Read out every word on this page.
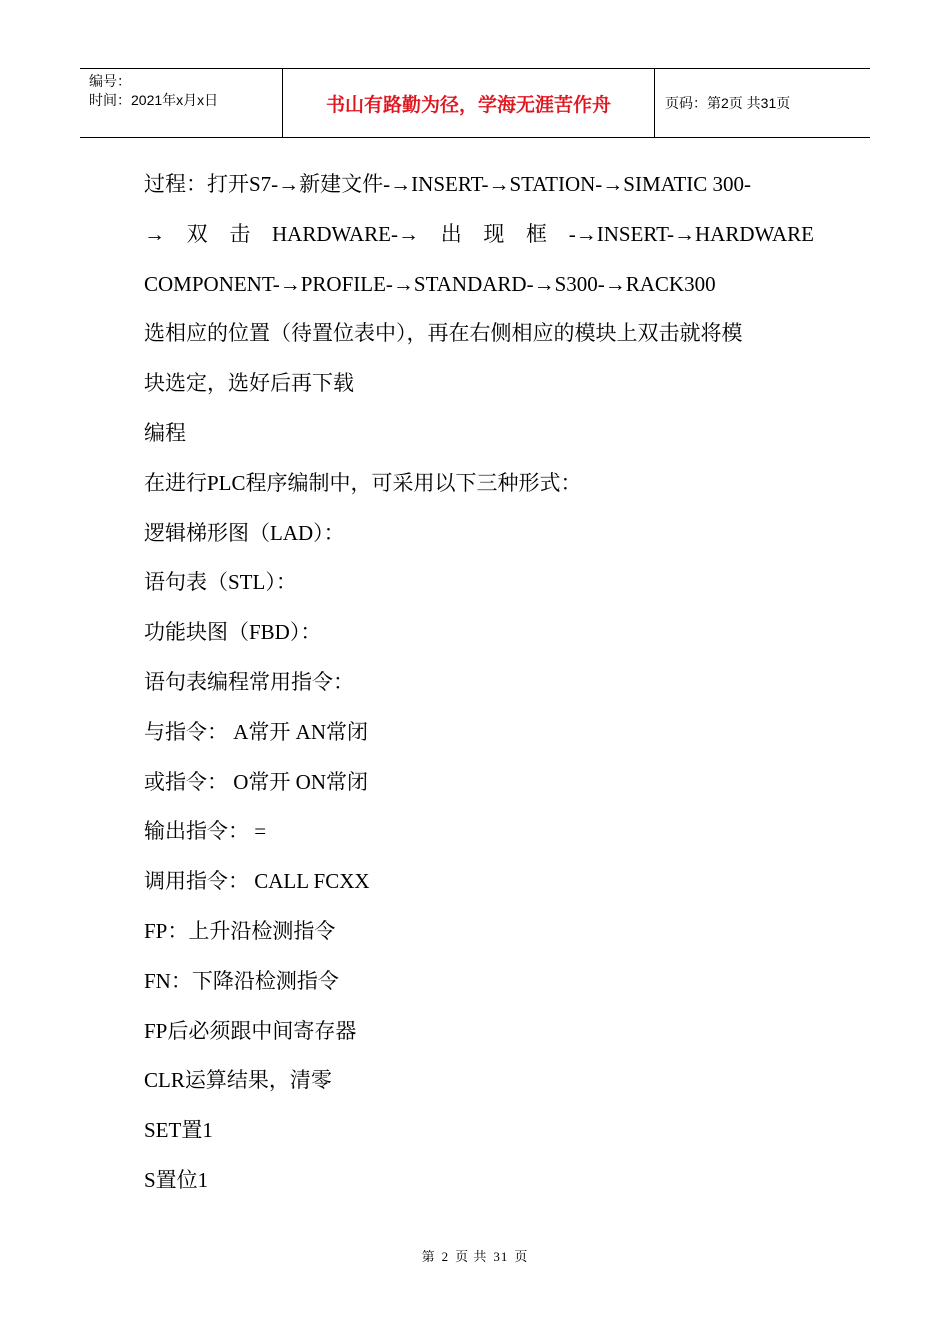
编号：
时间：2021年x月x日	书山有路勤为径，学海无涯苦作舟	页码：第2页 共31页
过程：打开S7-→新建文件-→INSERT-→STATION-→SIMATIC 300-
→ 双 击 HARDWARE-→ 出 现 框 -→INSERT-→HARDWARE
COMPONENT-→PROFILE-→STANDARD-→S300-→RACK300
选相应的位置（待置位表中），再在右侧相应的模块上双击就将模
块选定，选好后再下载
编程
在进行PLC程序编制中，可采用以下三种形式：
逻辑梯形图（LAD）：
语句表（STL）：
功能块图（FBD）：
语句表编程常用指令：
与指令： A常开 AN常闭
或指令： O常开 ON常闭
输出指令： =
调用指令： CALL FCXX
FP：上升沿检测指令
FN：下降沿检测指令
FP后必须跟中间寄存器
CLR运算结果，清零
SET置1
S置位1
第 2 页 共 31 页
